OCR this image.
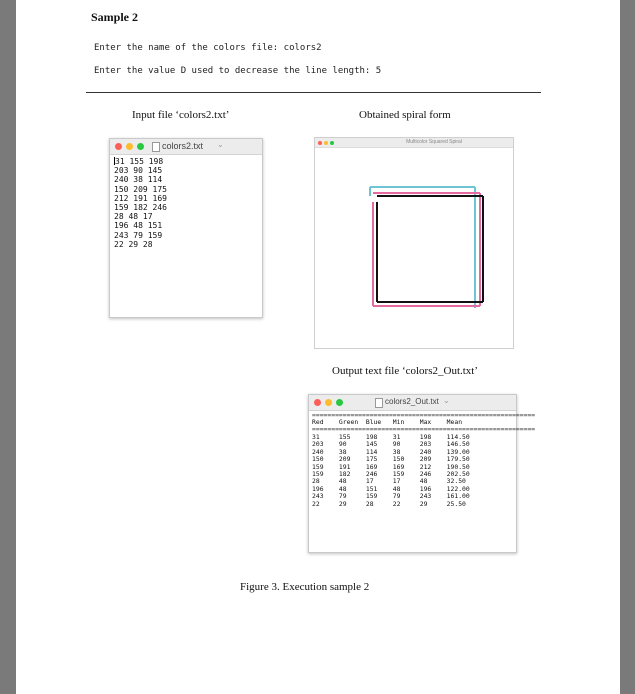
Sample 2
Enter the name of the colors file: colors2
Enter the value D used to decrease the line length: 5
Input file ‘colors2.txt’	Obtained spiral form
colors2.txt ⌄
31 155 198
203 90 145
240 38 114
150 209 175
212 191 169
159 182 246
28 48 17
196 48 151
243 79 159
22 29 28
Multicolor Squared Spiral
Output text file ‘colors2_Out.txt’
colors2_Out.txt ⌄
==========================================================
Red    Green  Blue   Min    Max    Mean
==========================================================
31     155    198    31     198    114.50
203    90     145    90     203    146.50
240    38     114    38     240    139.00
150    209    175    150    209    179.50
159    191    169    169    212    190.50
159    182    246    159    246    202.50
28     48     17     17     48     32.50
196    48     151    48     196    122.00
243    79     159    79     243    161.00
22     29     28     22     29     25.50
Figure 3. Execution sample 2
